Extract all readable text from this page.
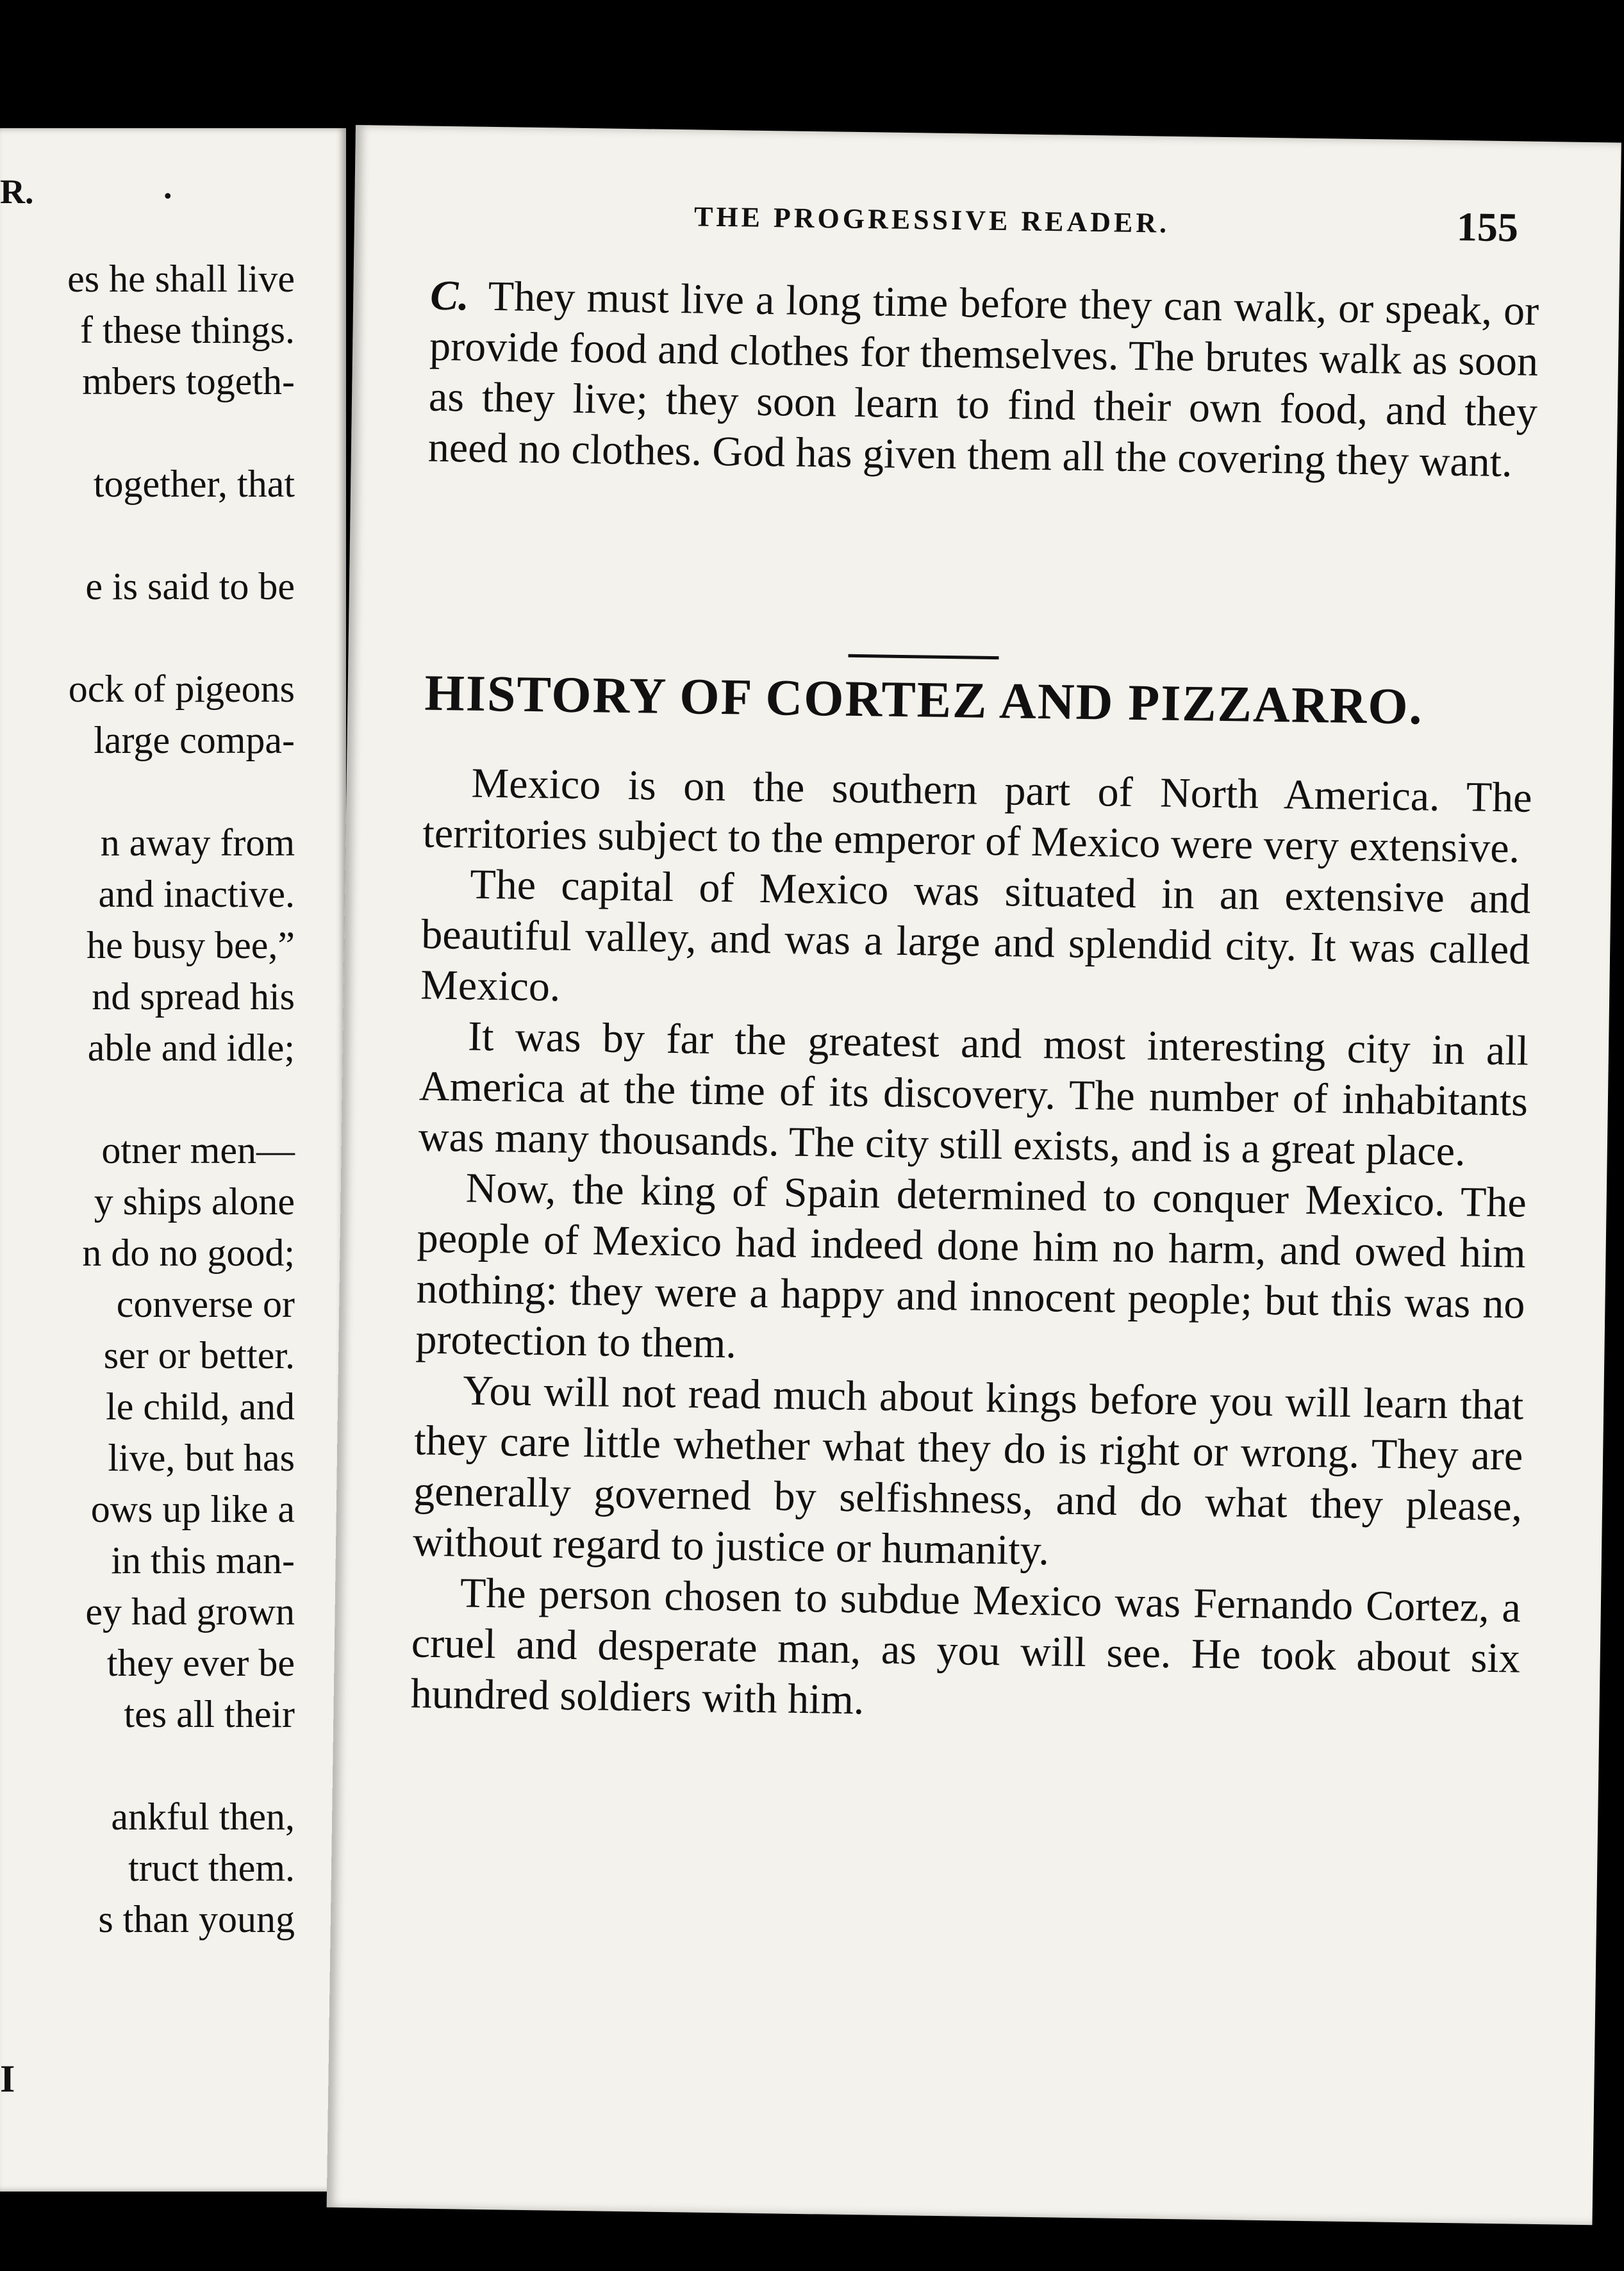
R.	.
es he shall live
f these things.
mbers togeth-
together, that
e is said to be
ock of pigeons
large compa-
n away from
and inactive.
he busy bee,”
nd spread his
able and idle;
otner men—
y ships alone
n do no good;
converse or
ser or better.
le child, and
live, but has
ows up like a
in this man-
ey had grown
they ever be
tes all their
ankful then,
truct them.
s than young
I
THE PROGRESSIVE READER.	155

C. They must live a long time before they can walk, or speak, or provide food and clothes for themselves. The brutes walk as soon as they live; they soon learn to find their own food, and they need no clothes. God has given them all the covering they want.

HISTORY OF CORTEZ AND PIZZARRO.

Mexico is on the southern part of North America. The territories subject to the emperor of Mexico were very extensive.

The capital of Mexico was situated in an extensive and beautiful valley, and was a large and splendid city. It was called Mexico.

It was by far the greatest and most interesting city in all America at the time of its discovery. The number of inhabitants was many thousands. The city still exists, and is a great place.

Now, the king of Spain determined to conquer Mexico. The people of Mexico had indeed done him no harm, and owed him nothing: they were a happy and innocent people; but this was no protection to them.

You will not read much about kings before you will learn that they care little whether what they do is right or wrong. They are generally governed by selfishness, and do what they please, without regard to justice or humanity.

The person chosen to subdue Mexico was Fernando Cortez, a cruel and desperate man, as you will see. He took about six hundred soldiers with him.
